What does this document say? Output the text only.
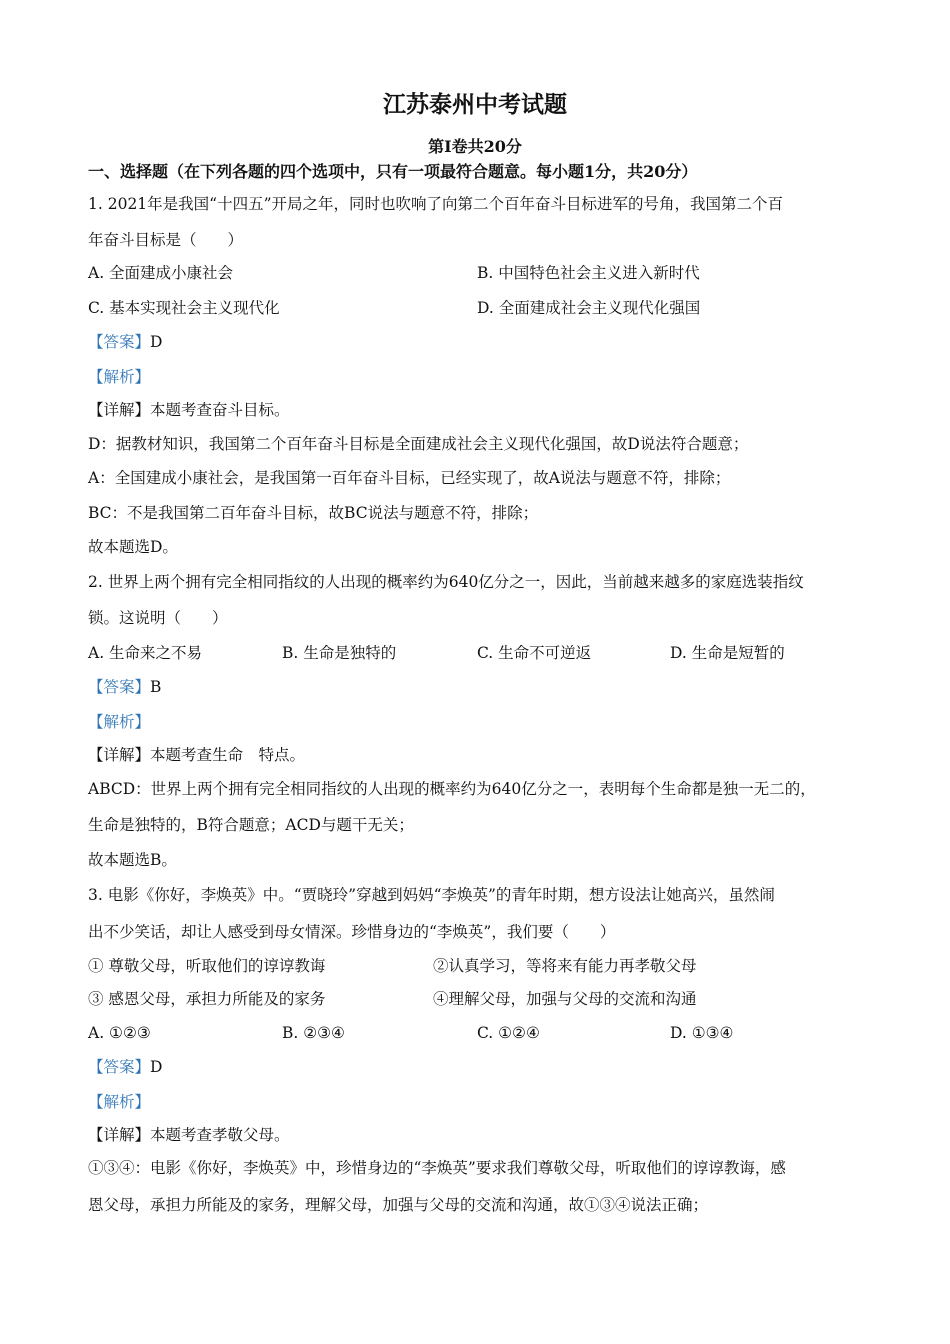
江苏泰州中考试题
第Ⅰ卷共20分
一、选择题（在下列各题的四个选项中，只有一项最符合题意。每小题1分，共20分）
1. 2021年是我国“十四五”开局之年，同时也吹响了向第二个百年奋斗目标进军的号角，我国第二个百
年奋斗目标是（　　）
A. 全面建成小康社会	B. 中国特色社会主义进入新时代
C. 基本实现社会主义现代化	D. 全面建成社会主义现代化强国
【答案】D
【解析】
【详解】本题考查奋斗目标。
D：据教材知识，我国第二个百年奋斗目标是全面建成社会主义现代化强国，故D说法符合题意；
A：全国建成小康社会，是我国第一百年奋斗目标，已经实现了，故A说法与题意不符，排除；
BC：不是我国第二百年奋斗目标，故BC说法与题意不符，排除；
故本题选D。
2. 世界上两个拥有完全相同指纹的人出现的概率约为640亿分之一，因此，当前越来越多的家庭选装指纹
锁。这说明（　　）
A. 生命来之不易	B. 生命是独特的	C. 生命不可逆返	D. 生命是短暂的
【答案】B
【解析】
【详解】本题考查生命　特点。
ABCD：世界上两个拥有完全相同指纹的人出现的概率约为640亿分之一，表明每个生命都是独一无二的，
生命是独特的，B符合题意；ACD与题干无关；
故本题选B。
3. 电影《你好，李焕英》中。“贾晓玲”穿越到妈妈“李焕英”的青年时期，想方设法让她高兴，虽然闹
出不少笑话，却让人感受到母女情深。珍惜身边的“李焕英”，我们要（　　）
① 尊敬父母，听取他们的谆谆教诲	②认真学习，等将来有能力再孝敬父母
③ 感恩父母，承担力所能及的家务	④理解父母，加强与父母的交流和沟通
A. ①②③	B. ②③④	C. ①②④	D. ①③④
【答案】D
【解析】
【详解】本题考查孝敬父母。
①③④：电影《你好，李焕英》中，珍惜身边的“李焕英”要求我们尊敬父母，听取他们的谆谆教诲，感
恩父母，承担力所能及的家务，理解父母，加强与父母的交流和沟通，故①③④说法正确；
